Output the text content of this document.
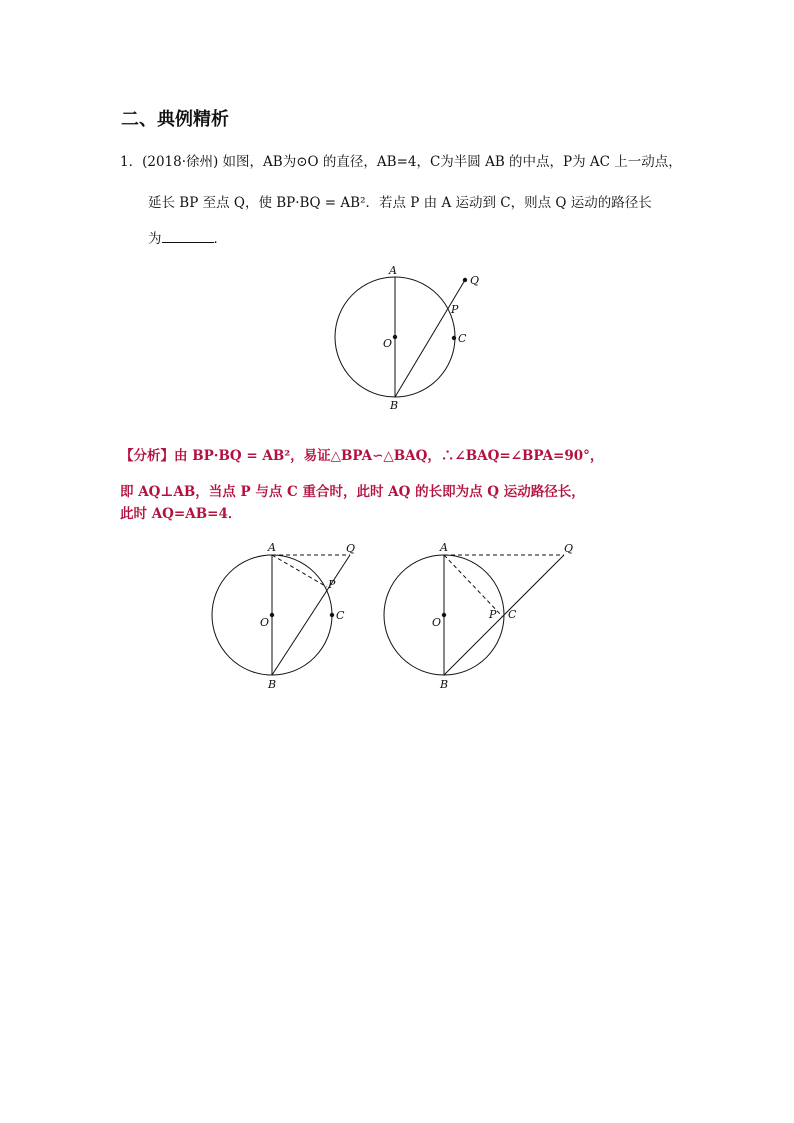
二、典例精析
1．(2018·徐州) 如图，AB为⊙O 的直径，AB=4，C为半圆 AB 的中点，P为 AC 上一动点，
延长 BP 至点 Q，使 BP·BQ = AB²．若点 P 由 A 运动到 C，则点 Q 运动的路径长
为	．
A
B
O	C
P
Q
【分析】由 BP·BQ = AB²，易证△BPA∽△BAQ，∴∠BAQ=∠BPA=90°，
即 AQ⊥AB，当点 P 与点 C 重合时，此时 AQ 的长即为点 Q 运动路径长，
此时 AQ=AB=4．
A
B
O
C
P
Q	A
B
O
P C
Q
